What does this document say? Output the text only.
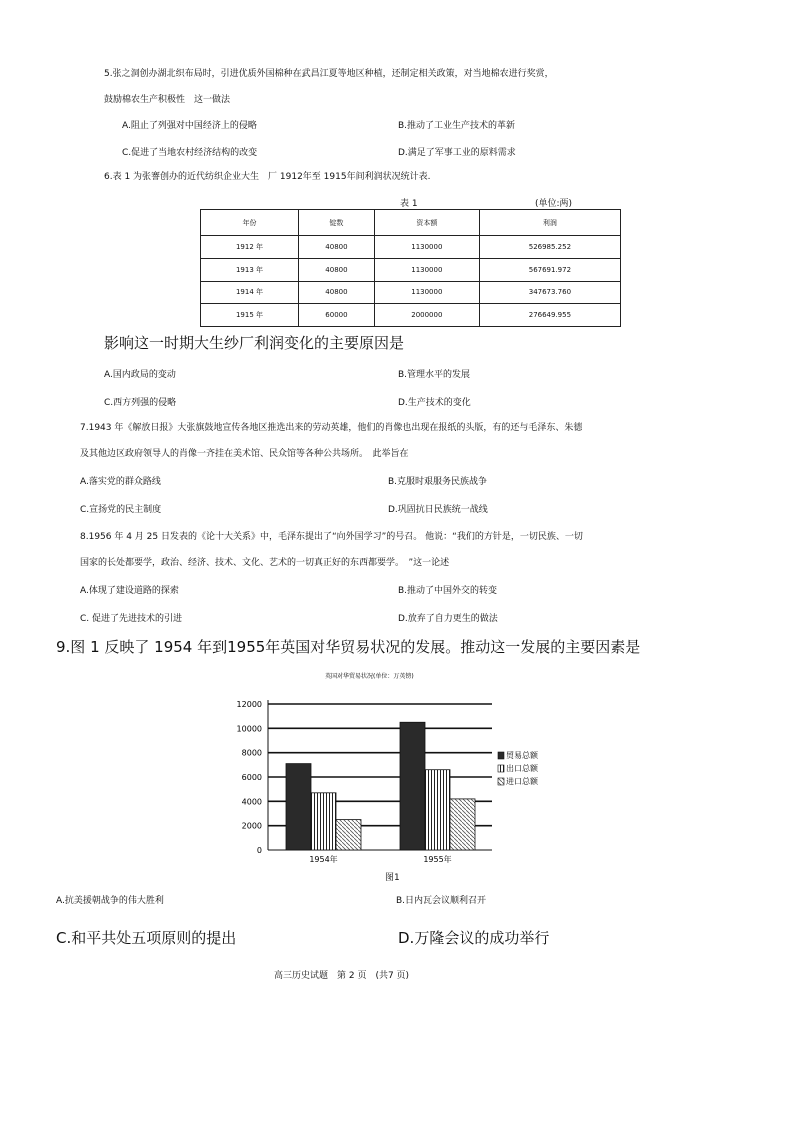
5.张之洞创办湖北织布局时，引进优质外国棉种在武昌江夏等地区种植，还制定相关政策，对当地棉农进行奖赏，
鼓励棉农生产积极性　这一做法
A.阻止了列强对中国经济上的侵略	B.推动了工业生产技术的革新
C.促进了当地农村经济结构的改变	D.满足了军事工业的原料需求
6.表 1 为张謇创办的近代纺织企业大生　厂 1912年至 1915年间利润状况统计表.
表 1	(单位:两)
年份	锭数	资本额	利润
1912 年	40800	1130000	526985.252
1913 年	40800	1130000	567691.972
1914 年	40800	1130000	347673.760
1915 年	60000	2000000	276649.955
影响这一时期大生纱厂利润变化的主要原因是
A.国内政局的变动	B.管理水平的发展
C.西方列强的侵略	D.生产技术的变化
7.1943 年《解放日报》大张旗鼓地宣传各地区推选出来的劳动英雄，他们的肖像也出现在报纸的头版，有的还与毛泽东、朱德
及其他边区政府领导人的肖像一齐挂在美术馆、民众馆等各种公共场所。　此举旨在
A.落实党的群众路线	B.克服时艰服务民族战争
C.宣扬党的民主制度	D.巩固抗日民族统一战线
8.1956 年 4 月 25 日发表的《论十大关系》中，毛泽东提出了“向外国学习”的号召。 他说：“我们的方针是，一切民族、一切
国家的长处都要学，政治、经济、技术、文化、艺术的一切真正好的东西都要学。　”这一论述
A.体现了建设道路的探索	B.推动了中国外交的转变
C. 促进了先进技术的引进	D.放弃了自力更生的做法
9.图 1 反映了 1954 年到1955年英国对华贸易状况的发展。推动这一发展的主要因素是
英国对华贸易状况(单位：万英镑)
0
2000
4000
6000
8000
10000
12000
1954年	1955年
贸易总额
出口总额
进口总额
图1
A.抗美援朝战争的伟大胜利	B.日内瓦会议顺利召开
C.和平共处五项原则的提出	D.万隆会议的成功举行
高三历史试题　第 2 页　(共7 页)
